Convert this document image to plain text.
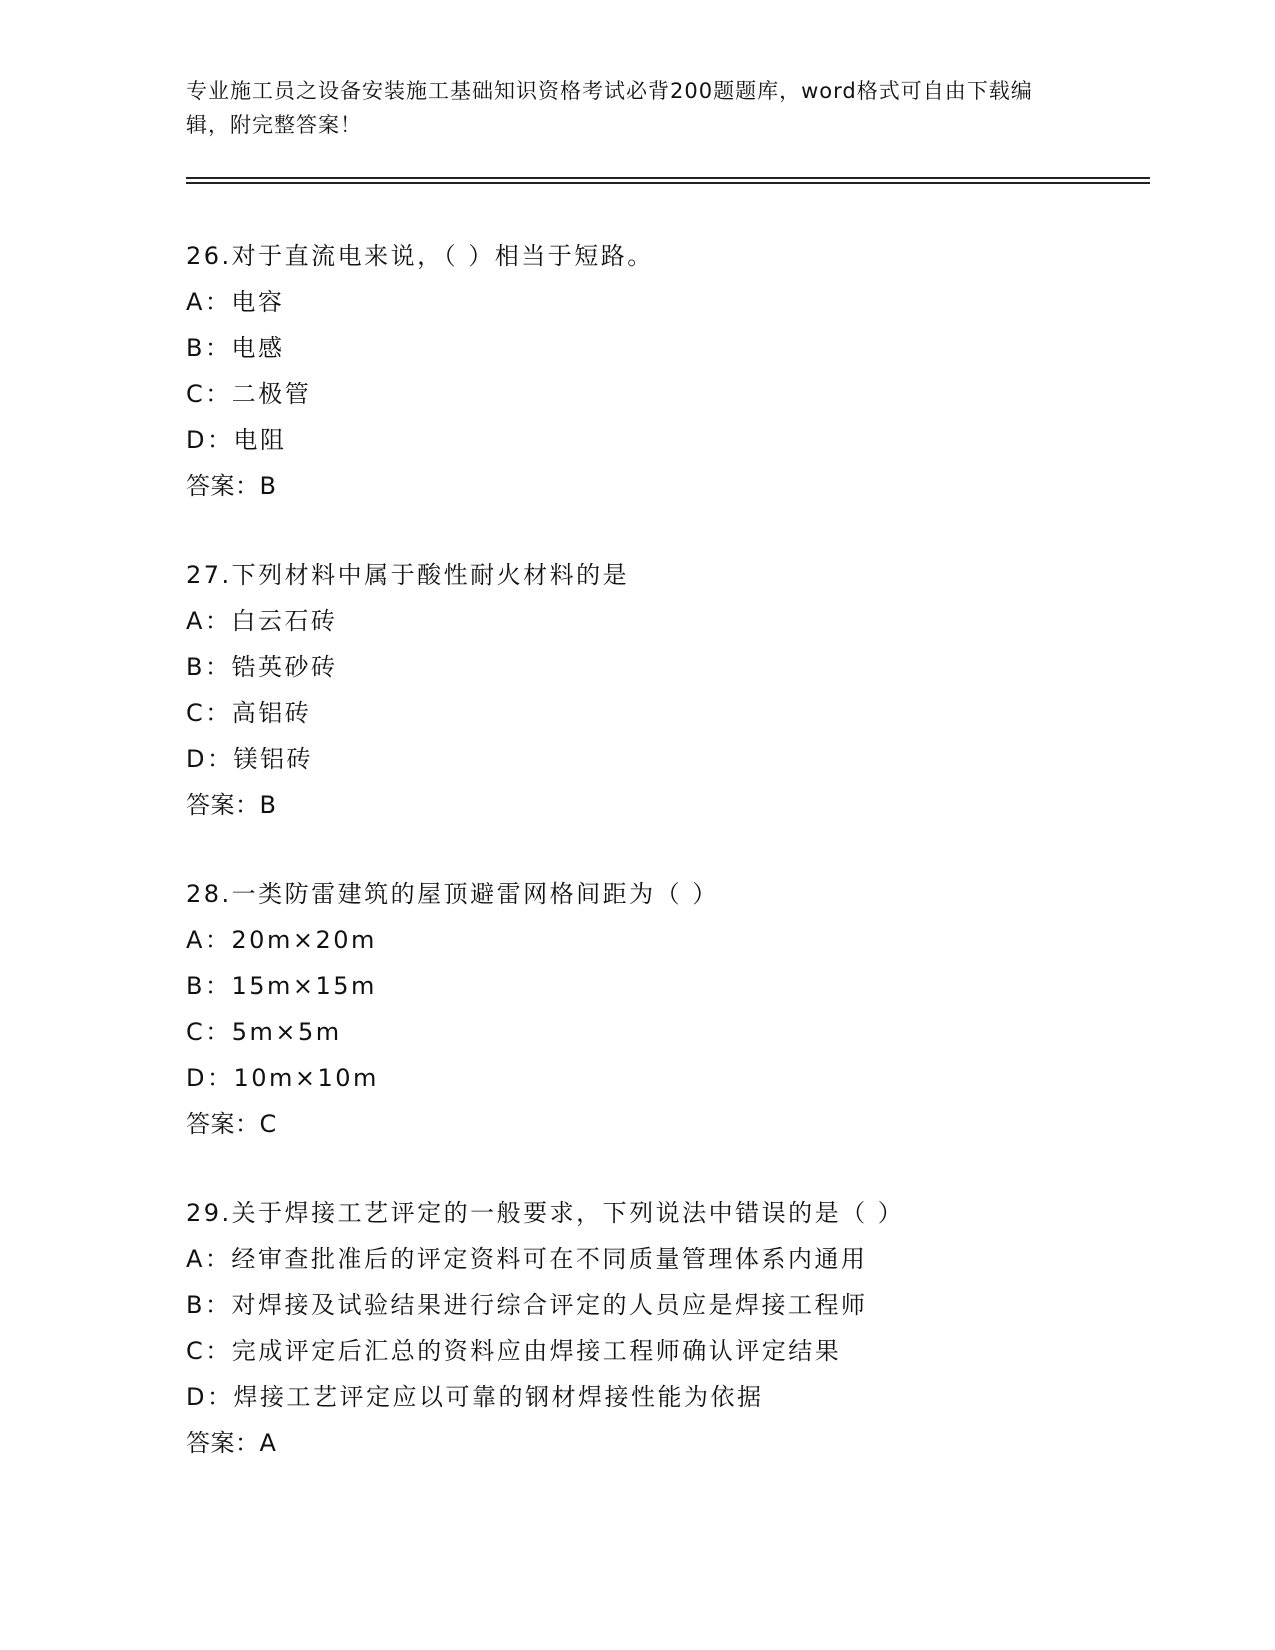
专业施工员之设备安装施工基础知识资格考试必背200题题库，word格式可自由下载编辑，附完整答案！
26.对于直流电来说，（ ）相当于短路。
A：电容
B：电感
C：二极管
D：电阻
答案：B
27.下列材料中属于酸性耐火材料的是
A：白云石砖
B：锆英砂砖
C：高铝砖
D：镁铝砖
答案：B
28.一类防雷建筑的屋顶避雷网格间距为（ ）
A：20m×20m
B：15m×15m
C：5m×5m
D：10m×10m
答案：C
29.关于焊接工艺评定的一般要求，下列说法中错误的是（ ）
A：经审查批准后的评定资料可在不同质量管理体系内通用
B：对焊接及试验结果进行综合评定的人员应是焊接工程师
C：完成评定后汇总的资料应由焊接工程师确认评定结果
D：焊接工艺评定应以可靠的钢材焊接性能为依据
答案：A
